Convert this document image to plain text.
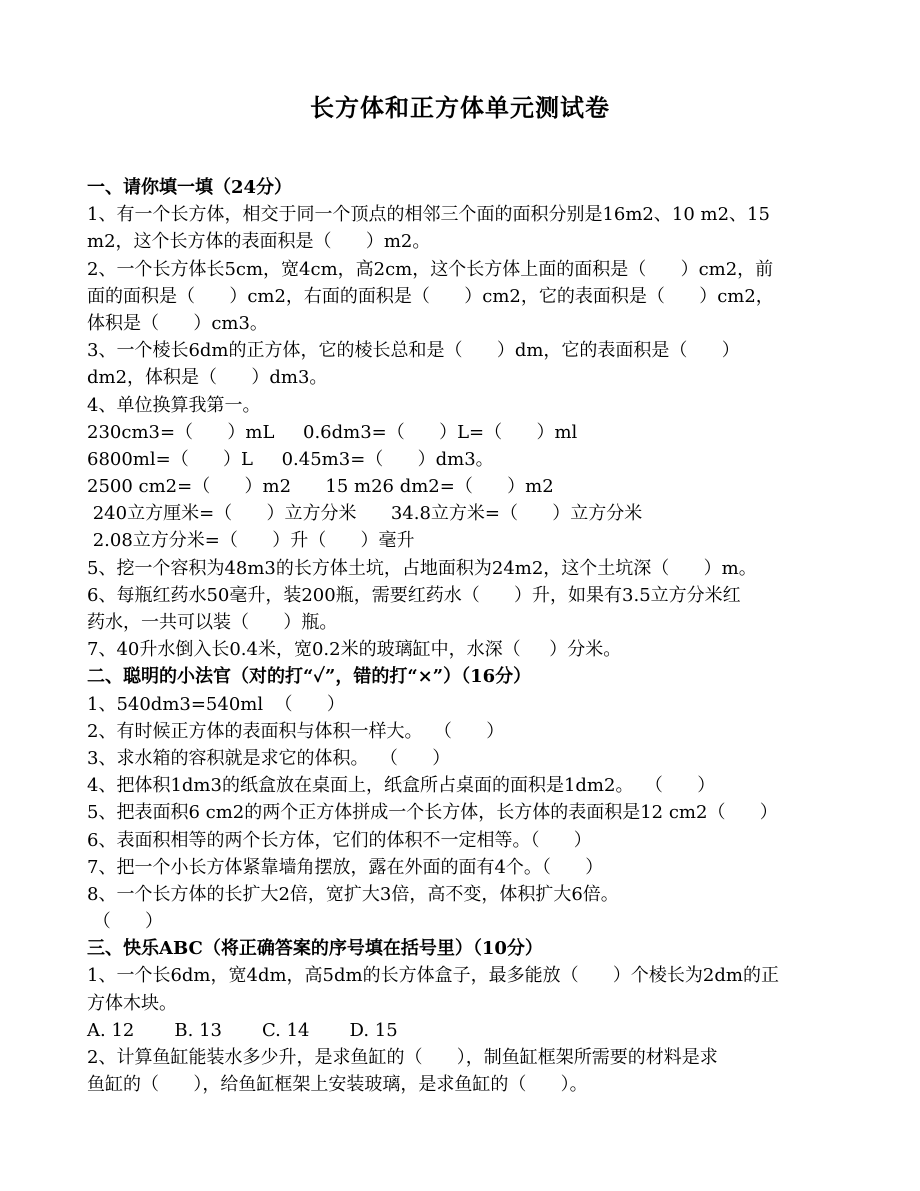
长方体和正方体单元测试卷
一、请你填一填（24分）
1、有一个长方体，相交于同一个顶点的相邻三个面的面积分别是16m2、10 m2、15
m2，这个长方体的表面积是（      ）m2。
2、一个长方体长5cm，宽4cm，高2cm，这个长方体上面的面积是（      ）cm2，前
面的面积是（      ）cm2，右面的面积是（      ）cm2，它的表面积是（      ）cm2，
体积是（      ）cm3。
3、一个棱长6dm的正方体，它的棱长总和是（      ）dm，它的表面积是（      ）
dm2，体积是（      ）dm3。
4、单位换算我第一。
230cm3=（      ）mL     0.6dm3=（      ）L=（      ）ml
6800ml=（      ）L     0.45m3=（      ）dm3。
2500 cm2=（      ）m2      15 m26 dm2=（      ）m2
240立方厘米=（      ）立方分米      34.8立方米=（      ）立方分米
2.08立方分米=（      ）升（      ）毫升
5、挖一个容积为48m3的长方体土坑，占地面积为24m2，这个土坑深（      ）m。
6、每瓶红药水50毫升，装200瓶，需要红药水（      ）升，如果有3.5立方分米红
药水，一共可以装（      ）瓶。
7、40升水倒入长0.4米，宽0.2米的玻璃缸中，水深（     ）分米。
二、聪明的小法官（对的打“✓”，错的打“×”）（16分）
1、540dm3=540ml  （      ）
2、有时候正方体的表面积与体积一样大。  （      ）
3、求水箱的容积就是求它的体积。  （      ）
4、把体积1dm3的纸盒放在桌面上，纸盒所占桌面的面积是1dm2。  （      ）
5、把表面积6 cm2的两个正方体拼成一个长方体，长方体的表面积是12 cm2（      ）
6、表面积相等的两个长方体，它们的体积不一定相等。（      ）
7、把一个小长方体紧靠墙角摆放，露在外面的面有4个。（      ）
8、一个长方体的长扩大2倍，宽扩大3倍，高不变，体积扩大6倍。
（      ）
三、快乐ABC（将正确答案的序号填在括号里）（10分）
1、一个长6dm，宽4dm，高5dm的长方体盒子，最多能放（      ）个棱长为2dm的正
方体木块。
A. 12       B. 13       C. 14       D. 15
2、计算鱼缸能装水多少升，是求鱼缸的（      ），制鱼缸框架所需要的材料是求
鱼缸的（      ），给鱼缸框架上安装玻璃，是求鱼缸的（      ）。
